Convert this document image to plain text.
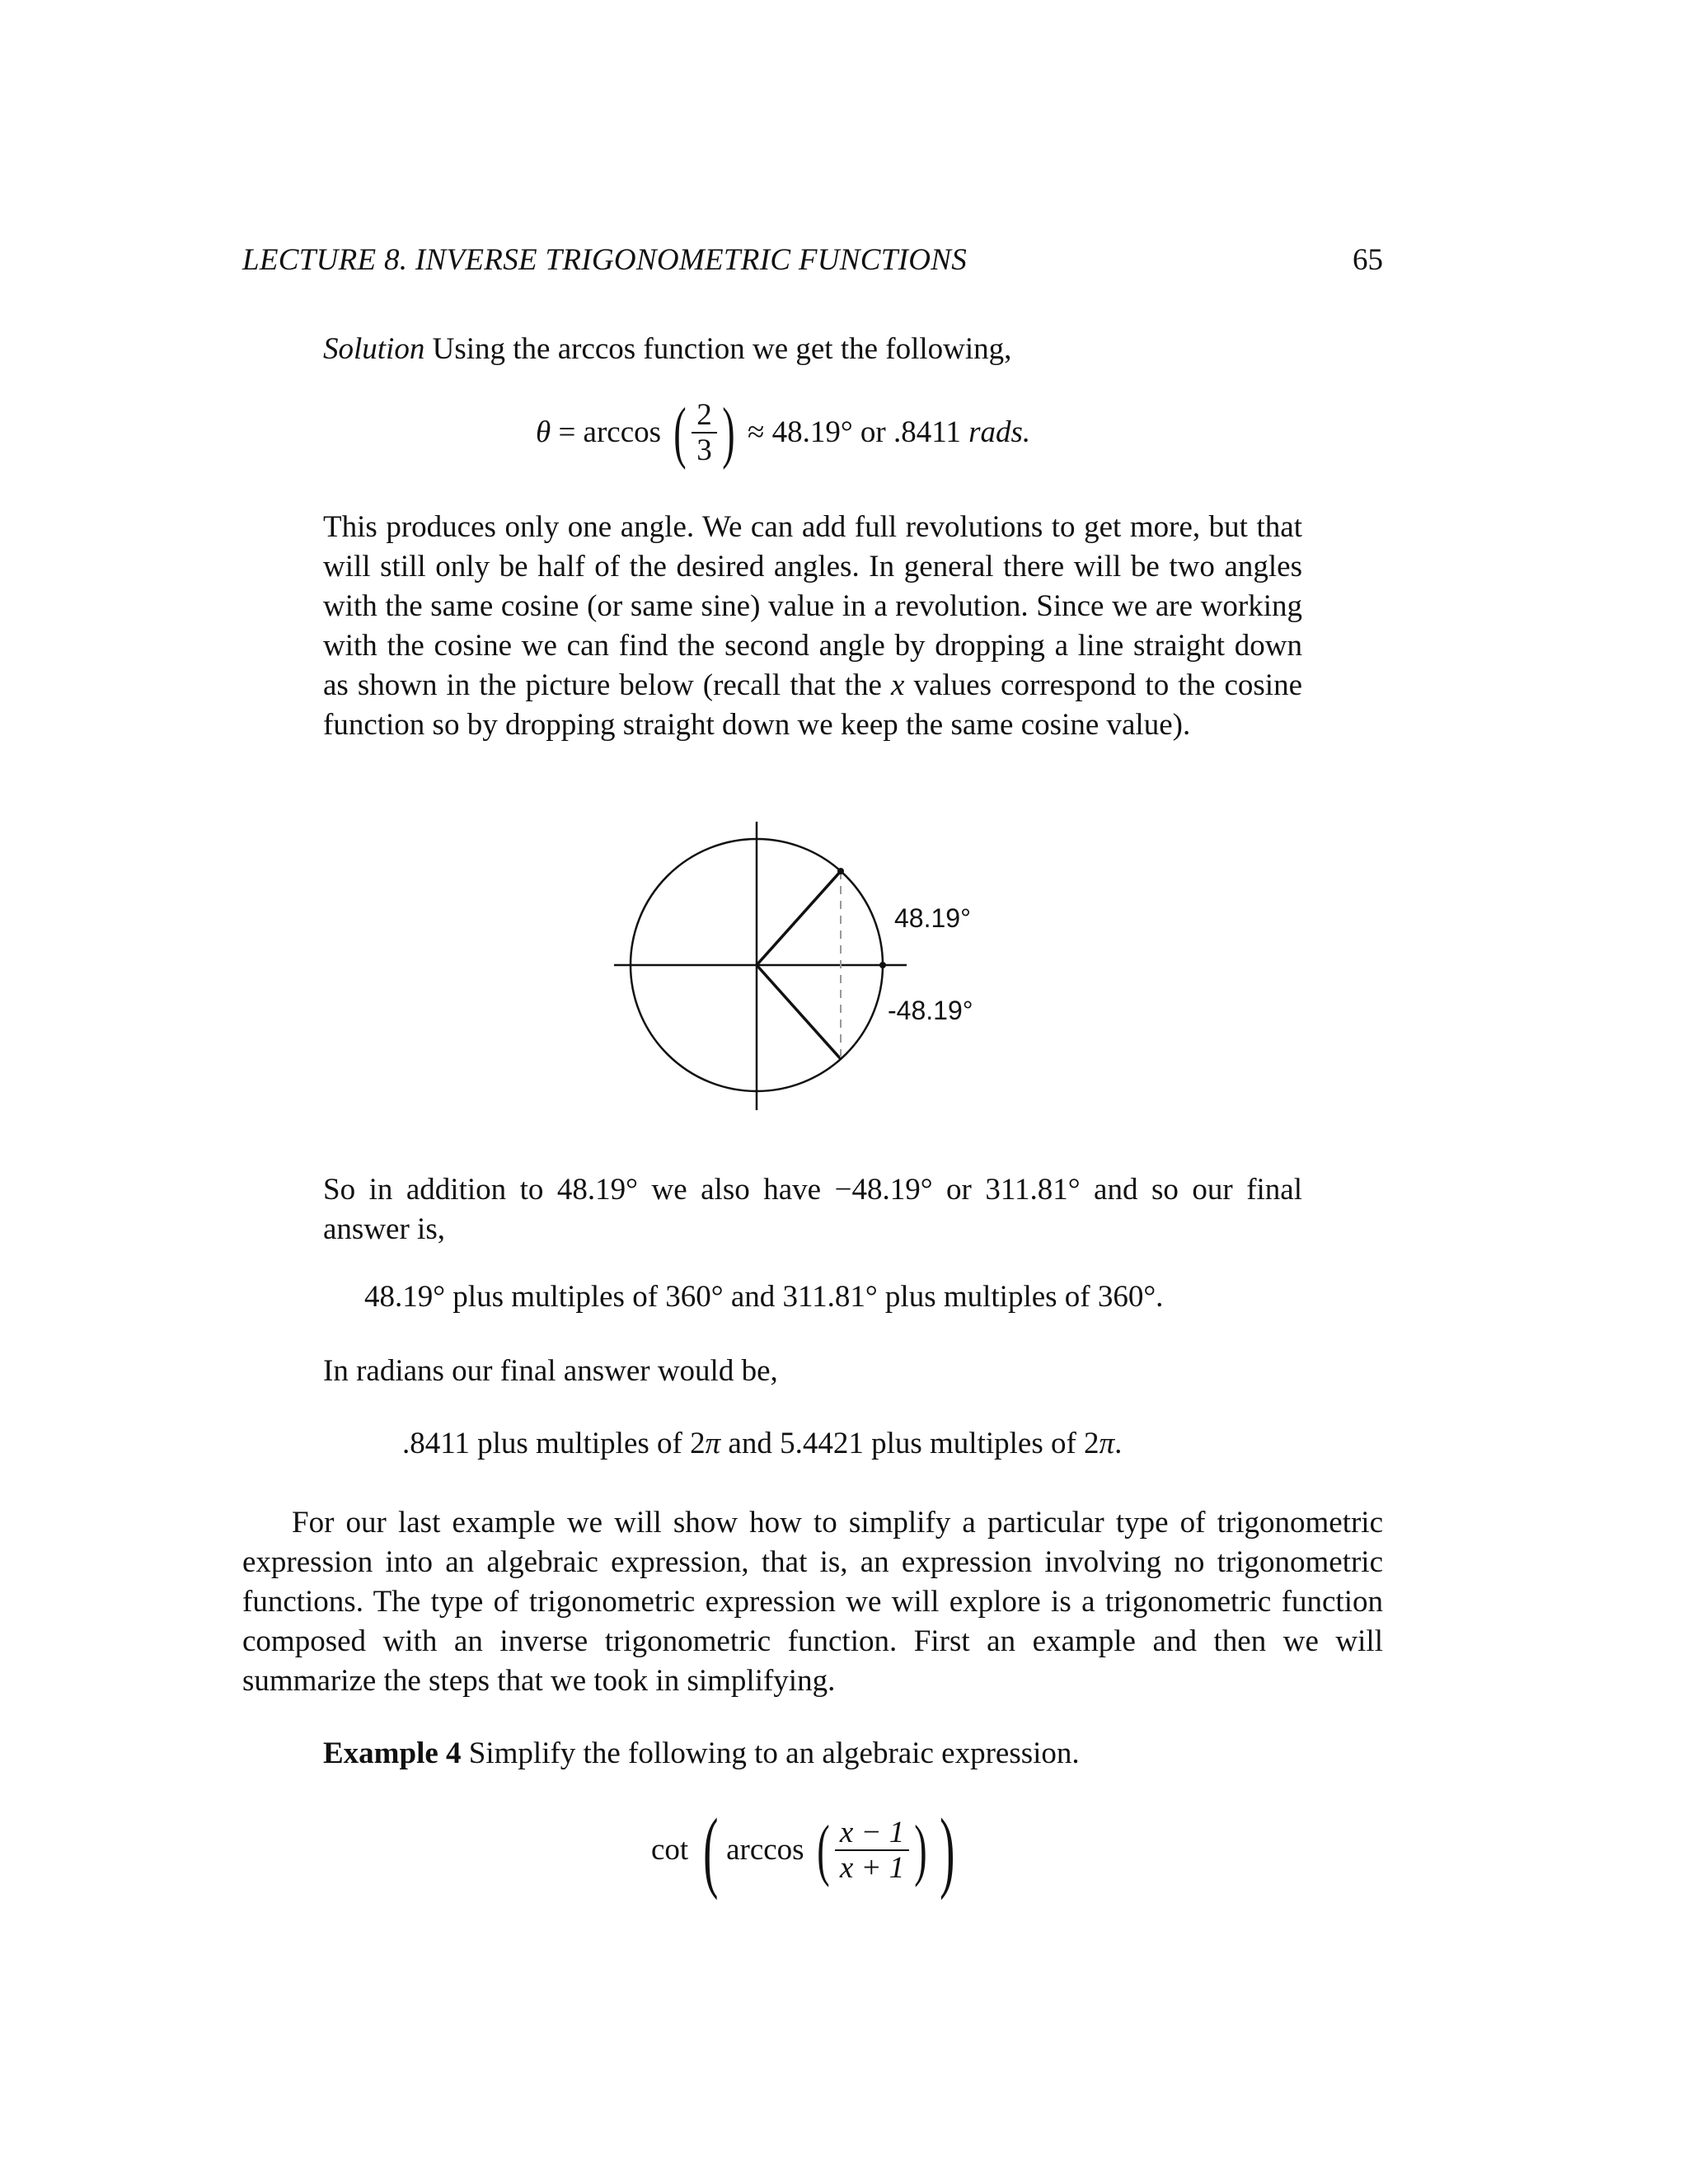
LECTURE 8. INVERSE TRIGONOMETRIC FUNCTIONS	65
Solution Using the arccos function we get the following,
θ
= arccos
( $\frac{2}{3}$ )
≈ 48.19° or .8411
rads.
This produces only one angle. We can add full revolutions to get more, but that will still only be half of the desired angles. In general there will be two angles with the same cosine (or same sine) value in a revolution. Since we are working with the cosine we can find the second angle by dropping a line straight down as shown in the picture below (recall that the x values correspond to the cosine function so by dropping straight down we keep the same cosine value).
48.19°
-48.19°
So in addition to 48.19° we also have −48.19° or 311.81° and so our final answer is,
48.19° plus multiples of 360° and 311.81° plus multiples of 360°.
In radians our final answer would be,
.8411 plus multiples of 2π and 5.4421 plus multiples of 2π.
For our last example we will show how to simplify a particular type of trigonometric expression into an algebraic expression, that is, an expression involving no trigonometric functions. The type of trigonometric expression we will explore is a trigonometric function composed with an inverse trigonometric function. First an example and then we will summarize the steps that we took in simplifying.
Example 4 Simplify the following to an algebraic expression.
cot
( arccos
( $\frac{x - 1}{x + 1}$ ) )
